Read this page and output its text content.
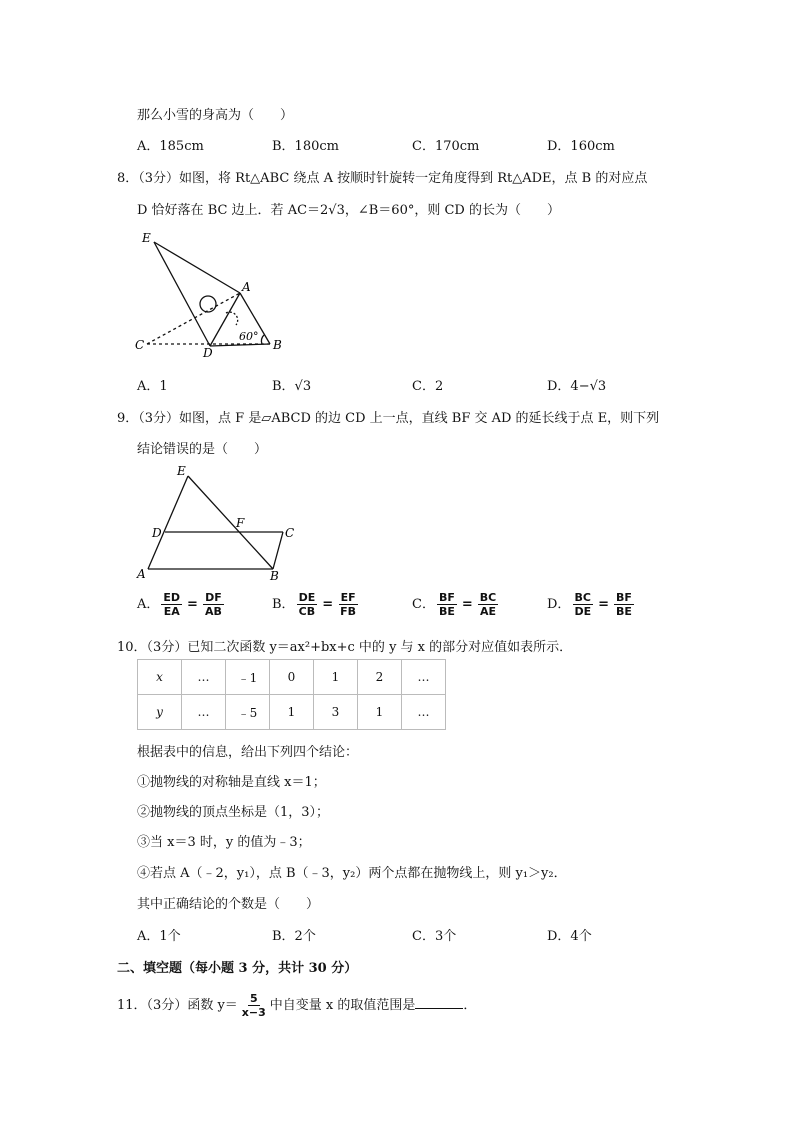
那么小雪的身高为（　　）
A．185cm	B．180cm	C．170cm	D．160cm
8．（3分）如图，将 Rt△ABC 绕点 A 按顺时针旋转一定角度得到 Rt△ADE，点 B 的对应点
D 恰好落在 BC 边上．若 AC＝2√3，∠B＝60°，则 CD 的长为（　　）
E
A
C
D
B
60°
A．1	B．√3	C．2	D．4−√3
9．（3分）如图，点 F 是▱ABCD 的边 CD 上一点，直线 BF 交 AD 的延长线于点 E，则下列
结论错误的是（　　）
E
D
F
C
A	B
A． $\frac{ED}{EA} = \frac{DF}{AB}$	B． $\frac{DE}{CB} = \frac{EF}{FB}$	C． $\frac{BF}{BE} = \frac{BC}{AE}$	D． $\frac{BC}{DE} = \frac{BF}{BE}$
10．（3分）已知二次函数 y＝ax²+bx+c 中的 y 与 x 的部分对应值如表所示．
x	…	﹣1	0	1	2	…
y	…	﹣5	1	3	1	…
根据表中的信息，给出下列四个结论：
①抛物线的对称轴是直线 x＝1；
②抛物线的顶点坐标是（1，3）；
③当 x＝3 时，y 的值为﹣3；
④若点 A（﹣2，y₁），点 B（﹣3，y₂）两个点都在抛物线上，则 y₁＞y₂．
其中正确结论的个数是（　　）
A．1个	B．2个	C．3个	D．4个
二、填空题（每小题 3 分，共计 30 分）
11．（3分）函数 $y= \frac{5}{x-3}$ 中自变量 x 的取值范围是	．
